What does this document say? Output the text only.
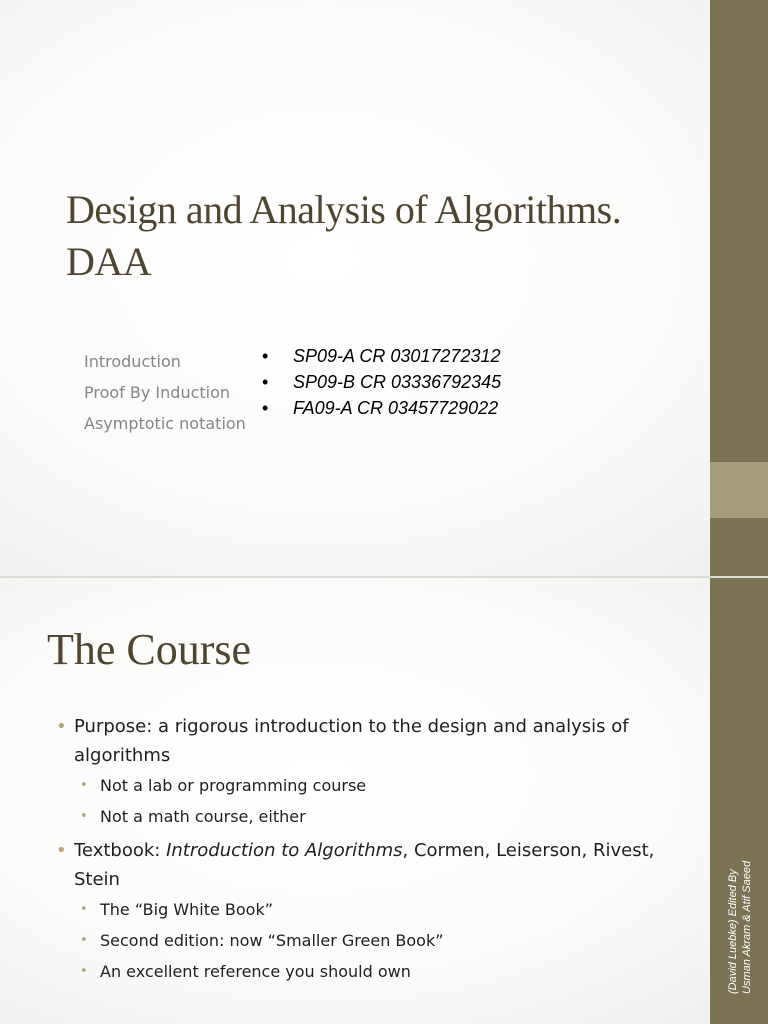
Design and Analysis of Algorithms.
DAA
Introduction
Proof By Induction
Asymptotic notation
• SP09-A CR 03017272312
• SP09-B CR 03336792345
• FA09-A CR 03457729022
The Course
• Purpose: a rigorous introduction to the design and analysis of algorithms
• Not a lab or programming course
• Not a math course, either
• Textbook: Introduction to Algorithms, Cormen, Leiserson, Rivest, Stein
• The “Big White Book”
• Second edition: now “Smaller Green Book”
• An excellent reference you should own	(David Luebke) Edited By Usman Akram & Atif Saeed
